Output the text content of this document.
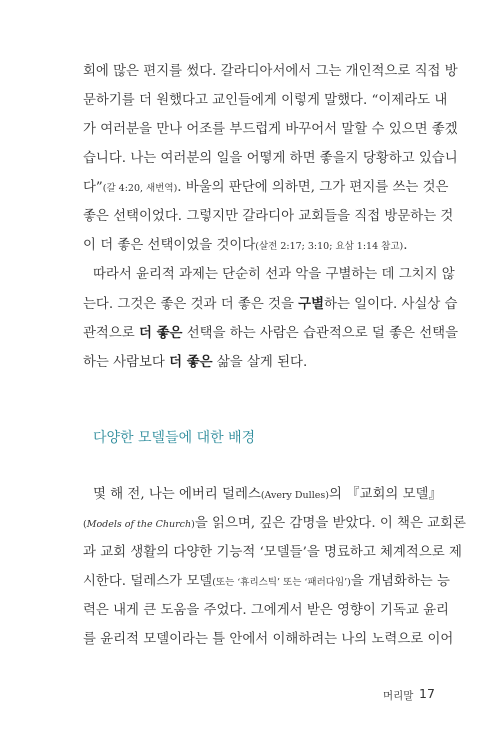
회에 많은 편지를 썼다. 갈라디아서에서 그는 개인적으로 직접 방
문하기를 더 원했다고 교인들에게 이렇게 말했다. “이제라도 내
가 여러분을 만나 어조를 부드럽게 바꾸어서 말할 수 있으면 좋겠
습니다. 나는 여러분의 일을 어떻게 하면 좋을지 당황하고 있습니
다”(갈 4:20, 새번역). 바울의 판단에 의하면, 그가 편지를 쓰는 것은
좋은 선택이었다. 그렇지만 갈라디아 교회들을 직접 방문하는 것
이 더 좋은 선택이었을 것이다(살전 2:17; 3:10; 요삼 1:14 참고).
따라서 윤리적 과제는 단순히 선과 악을 구별하는 데 그치지 않
는다. 그것은 좋은 것과 더 좋은 것을 구별하는 일이다. 사실상 습
관적으로 더 좋은 선택을 하는 사람은 습관적으로 덜 좋은 선택을
하는 사람보다 더 좋은 삶을 살게 된다.
다양한 모델들에 대한 배경
몇 해 전, 나는 에버리 덜레스(Avery Dulles)의 『교회의 모델』
(Models of the Church)을 읽으며, 깊은 감명을 받았다. 이 책은 교회론
과 교회 생활의 다양한 기능적 ‘모델들’을 명료하고 체계적으로 제
시한다. 덜레스가 모델(또는 ‘휴리스틱’ 또는 ‘패러다임’)을 개념화하는 능
력은 내게 큰 도움을 주었다. 그에게서 받은 영향이 기독교 윤리
를 윤리적 모델이라는 틀 안에서 이해하려는 나의 노력으로 이어
머리말 17
